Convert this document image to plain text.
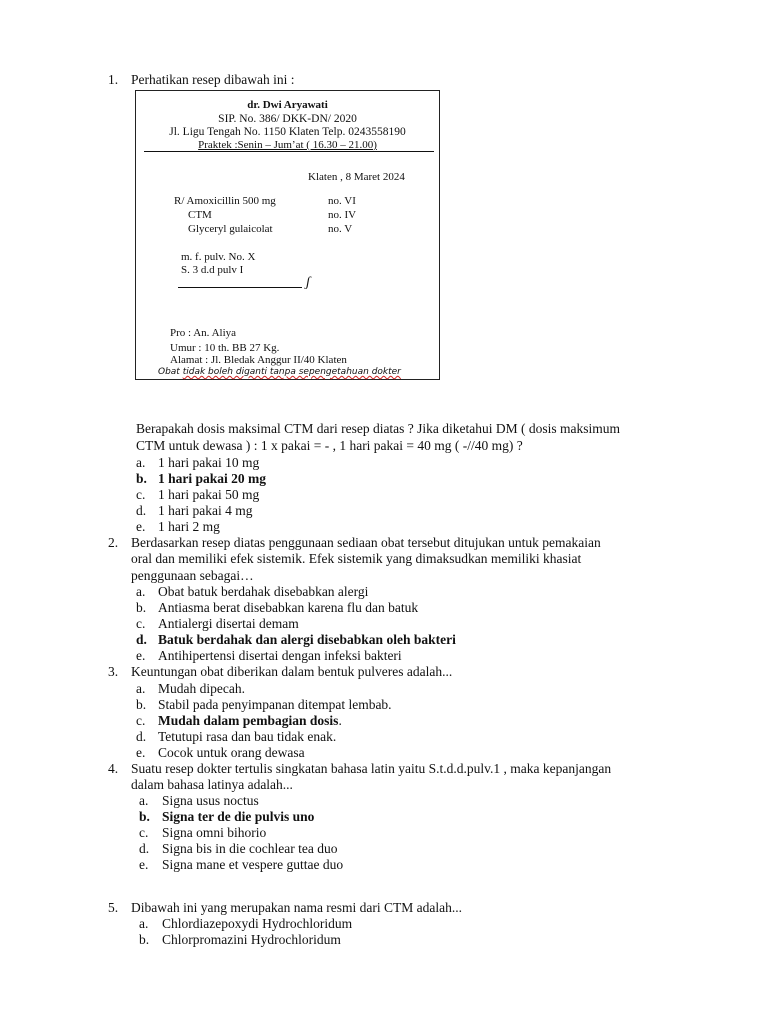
1. Perhatikan resep dibawah ini :
dr. Dwi Aryawati
SIP. No. 386/ DKK-DN/ 2020
Jl. Ligu Tengah No. 1150 Klaten Telp. 0243558190
Praktek :Senin – Jum’at ( 16.30 – 21.00)
Klaten , 8 Maret 2024
R/ Amoxicillin 500 mg	no. VI
CTM	no. IV
Glyceryl gulaicolat	no. V
m. f. pulv. No. X
S. 3 d.d pulv I
ʃ
Pro : An. Aliya
Umur : 10 th. BB 27 Kg.
Alamat : Jl. Bledak Anggur II/40 Klaten
Obat tidak boleh diganti tanpa sepengetahuan dokter
Berapakah dosis maksimal CTM dari resep diatas ? Jika diketahui DM ( dosis maksimum
CTM untuk dewasa ) : 1 x pakai = - , 1 hari pakai = 40 mg ( -//40 mg) ?
a. 1 hari pakai 10 mg
b. 1 hari pakai 20 mg
c. 1 hari pakai 50 mg
d. 1 hari pakai 4 mg
e. 1 hari 2 mg
2. Berdasarkan resep diatas penggunaan sediaan obat tersebut ditujukan untuk pemakaian
oral dan memiliki efek sistemik. Efek sistemik yang dimaksudkan memiliki khasiat
penggunaan sebagai…
a. Obat batuk berdahak disebabkan alergi
b. Antiasma berat disebabkan karena flu dan batuk
c. Antialergi disertai demam
d. Batuk berdahak dan alergi disebabkan oleh bakteri
e. Antihipertensi disertai dengan infeksi bakteri
3. Keuntungan obat diberikan dalam bentuk pulveres adalah...
a. Mudah dipecah.
b. Stabil pada penyimpanan ditempat lembab.
c. Mudah dalam pembagian dosis.
d. Tetutupi rasa dan bau tidak enak.
e. Cocok untuk orang dewasa
4. Suatu resep dokter tertulis singkatan bahasa latin yaitu S.t.d.d.pulv.1 , maka kepanjangan
dalam bahasa latinya adalah...
a. Signa usus noctus
b. Signa ter de die pulvis uno
c. Signa omni bihorio
d. Signa bis in die cochlear tea duo
e. Signa mane et vespere guttae duo
5. Dibawah ini yang merupakan nama resmi dari CTM adalah...
a. Chlordiazepoxydi Hydrochloridum
b. Chlorpromazini Hydrochloridum
